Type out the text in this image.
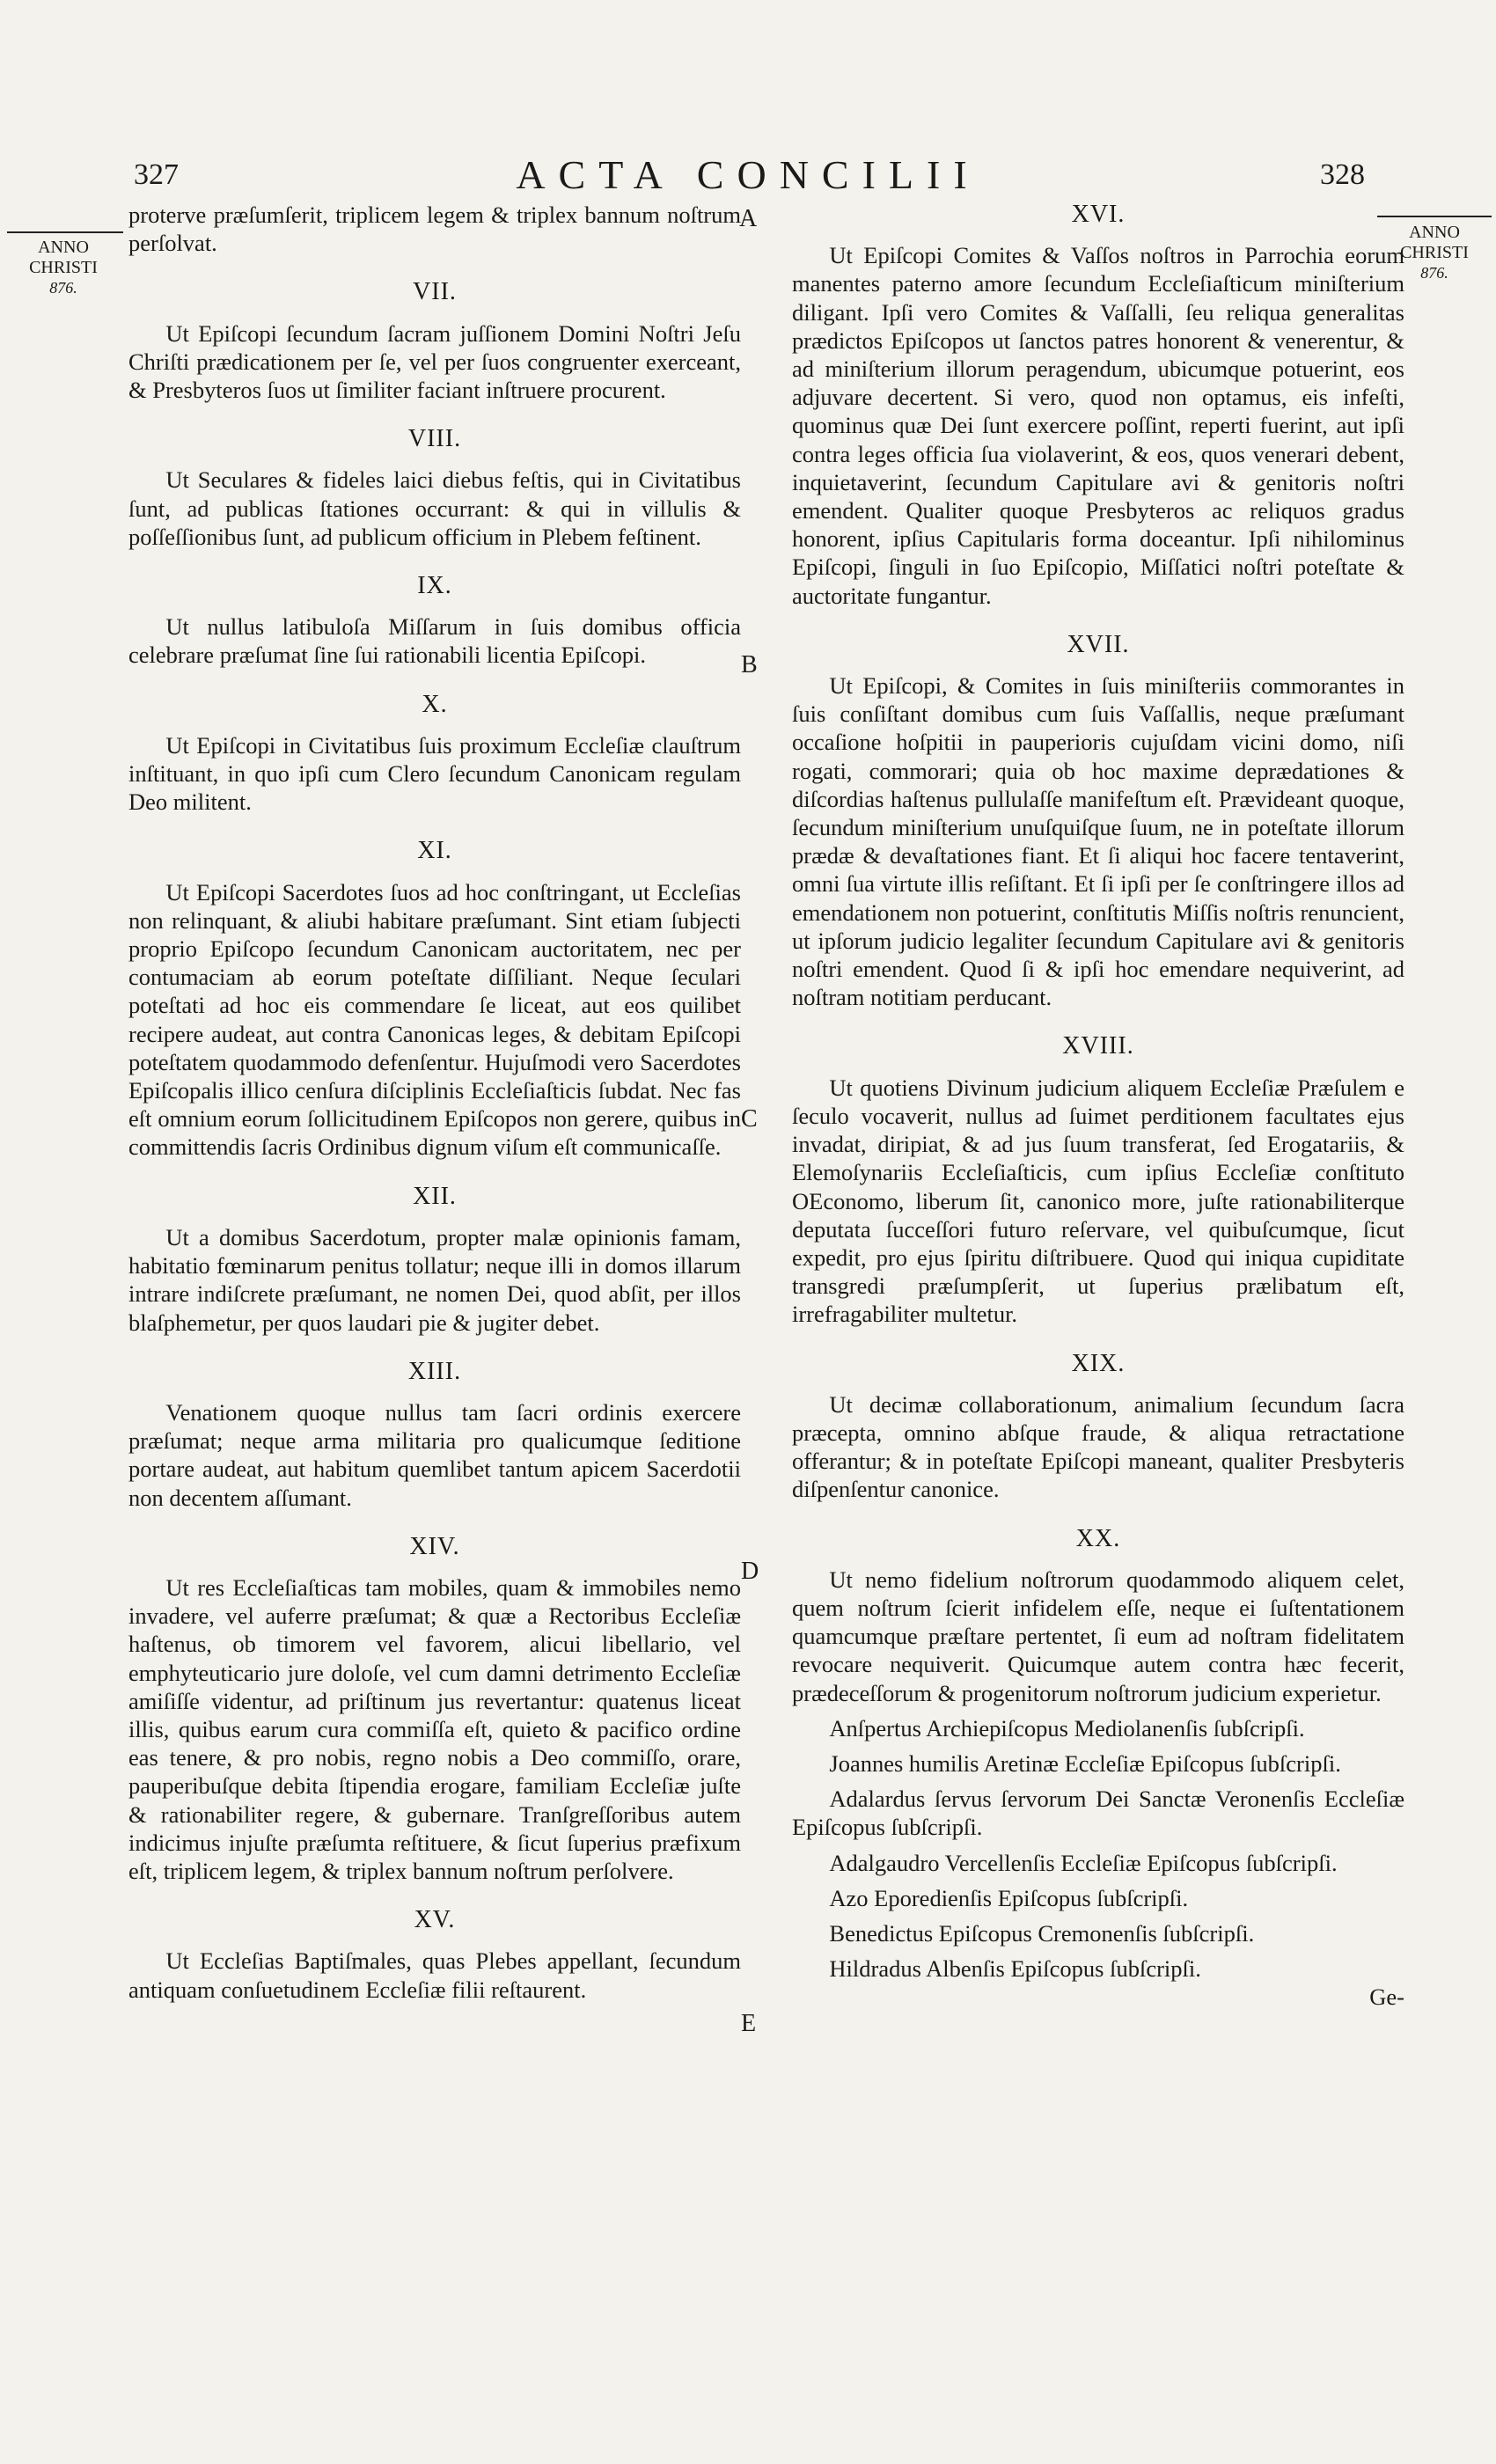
327	ACTA CONCILII	328
ANNO
CHRISTI
876.
ANNO
CHRISTI
876.
A
B
C
D
E

proterve præſumſerit, triplicem legem & triplex bannum noſtrum perſolvat.

VII.

Ut Epiſcopi ſecundum ſacram juſſionem Domini Noſtri Jeſu Chriſti prædicationem per ſe, vel per ſuos congruenter exerceant, & Presbyteros ſuos ut ſimiliter faciant inſtruere procurent.

VIII.

Ut Seculares & fideles laici diebus feſtis, qui in Civitatibus ſunt, ad publicas ſtationes occurrant: & qui in villulis & poſſeſſionibus ſunt, ad publicum officium in Plebem feſtinent.

IX.

Ut nullus latibuloſa Miſſarum in ſuis domibus officia celebrare præſumat ſine ſui rationabili licentia Epiſcopi.

X.

Ut Epiſcopi in Civitatibus ſuis proximum Eccleſiæ clauſtrum inſtituant, in quo ipſi cum Clero ſecundum Canonicam regulam Deo militent.

XI.

Ut Epiſcopi Sacerdotes ſuos ad hoc conſtringant, ut Eccleſias non relinquant, & aliubi habitare præſumant. Sint etiam ſubjecti proprio Epiſcopo ſecundum Canonicam auctoritatem, nec per contumaciam ab eorum poteſtate diſſiliant. Neque ſeculari poteſtati ad hoc eis commendare ſe liceat, aut eos quilibet recipere audeat, aut contra Canonicas leges, & debitam Epiſcopi poteſtatem quodammodo defenſentur. Hujuſmodi vero Sacerdotes Epiſcopalis illico cenſura diſciplinis Eccleſiaſticis ſubdat. Nec fas eſt omnium eorum ſollicitudinem Epiſcopos non gerere, quibus in committendis ſacris Ordinibus dignum viſum eſt communicaſſe.

XII.

Ut a domibus Sacerdotum, propter malæ opinionis famam, habitatio fœminarum penitus tollatur; neque illi in domos illarum intrare indiſcrete præſumant, ne nomen Dei, quod abſit, per illos blaſphemetur, per quos laudari pie & jugiter debet.

XIII.

Venationem quoque nullus tam ſacri ordinis exercere præſumat; neque arma militaria pro qualicumque ſeditione portare audeat, aut habitum quemlibet tantum apicem Sacerdotii non decentem aſſumant.

XIV.

Ut res Eccleſiaſticas tam mobiles, quam & immobiles nemo invadere, vel auferre præſumat; & quæ a Rectoribus Eccleſiæ haſtenus, ob timorem vel favorem, alicui libellario, vel emphyteuticario jure doloſe, vel cum damni detrimento Eccleſiæ amiſiſſe videntur, ad priſtinum jus revertantur: quatenus liceat illis, quibus earum cura commiſſa eſt, quieto & pacifico ordine eas tenere, & pro nobis, regno nobis a Deo commiſſo, orare, pauperibuſque debita ſtipendia erogare, familiam Eccleſiæ juſte & rationabiliter regere, & gubernare. Tranſgreſſoribus autem indicimus injuſte præſumta reſtituere, & ſicut ſuperius præfixum eſt, triplicem legem, & triplex bannum noſtrum perſolvere.

XV.

Ut Eccleſias Baptiſmales, quas Plebes appellant, ſecundum antiquam conſuetudinem Eccleſiæ filii reſtaurent.

XVI.

Ut Epiſcopi Comites & Vaſſos noſtros in Parrochia eorum manentes paterno amore ſecundum Eccleſiaſticum miniſterium diligant. Ipſi vero Comites & Vaſſalli, ſeu reliqua generalitas prædictos Epiſcopos ut ſanctos patres honorent & venerentur, & ad miniſterium illorum peragendum, ubicumque potuerint, eos adjuvare decertent. Si vero, quod non optamus, eis infeſti, quominus quæ Dei ſunt exercere poſſint, reperti fuerint, aut ipſi contra leges officia ſua violaverint, & eos, quos venerari debent, inquietaverint, ſecundum Capitulare avi & genitoris noſtri emendent. Qualiter quoque Presbyteros ac reliquos gradus honorent, ipſius Capitularis forma doceantur. Ipſi nihilominus Epiſcopi, ſinguli in ſuo Epiſcopio, Miſſatici noſtri poteſtate & auctoritate fungantur.

XVII.

Ut Epiſcopi, & Comites in ſuis miniſteriis commorantes in ſuis conſiſtant domibus cum ſuis Vaſſallis, neque præſumant occaſione hoſpitii in pauperioris cujuſdam vicini domo, niſi rogati, commorari; quia ob hoc maxime deprædationes & diſcordias haſtenus pullulaſſe manifeſtum eſt. Prævideant quoque, ſecundum miniſterium unuſquiſque ſuum, ne in poteſtate illorum prædæ & devaſtationes fiant. Et ſi aliqui hoc facere tentaverint, omni ſua virtute illis reſiſtant. Et ſi ipſi per ſe conſtringere illos ad emendationem non potuerint, conſtitutis Miſſis noſtris renuncient, ut ipſorum judicio legaliter ſecundum Capitulare avi & genitoris noſtri emendent. Quod ſi & ipſi hoc emendare nequiverint, ad noſtram notitiam perducant.

XVIII.

Ut quotiens Divinum judicium aliquem Eccleſiæ Præſulem e ſeculo vocaverit, nullus ad ſuimet perditionem facultates ejus invadat, diripiat, & ad jus ſuum transferat, ſed Erogatariis, & Elemoſynariis Eccleſiaſticis, cum ipſius Eccleſiæ conſtituto OEconomo, liberum ſit, canonico more, juſte rationabiliterque deputata ſucceſſori futuro reſervare, vel quibuſcumque, ſicut expedit, pro ejus ſpiritu diſtribuere. Quod qui iniqua cupiditate transgredi præſumpſerit, ut ſuperius prælibatum eſt, irrefragabiliter multetur.

XIX.

Ut decimæ collaborationum, animalium ſecundum ſacra præcepta, omnino abſque fraude, & aliqua retractatione offerantur; & in poteſtate Epiſcopi maneant, qualiter Presbyteris diſpenſentur canonice.

XX.

Ut nemo fidelium noſtrorum quodammodo aliquem celet, quem noſtrum ſcierit infidelem eſſe, neque ei ſuſtentationem quamcumque præſtare pertentet, ſi eum ad noſtram fidelitatem revocare nequiverit. Quicumque autem contra hæc fecerit, prædeceſſorum & progenitorum noſtrorum judicium experietur.

Anſpertus Archiepiſcopus Mediolanenſis ſubſcripſi.

Joannes humilis Aretinæ Eccleſiæ Epiſcopus ſubſcripſi.

Adalardus ſervus ſervorum Dei Sanctæ Veronenſis Eccleſiæ Epiſcopus ſubſcripſi.

Adalgaudro Vercellenſis Eccleſiæ Epiſcopus ſubſcripſi.

Azo Eporedienſis Epiſcopus ſubſcripſi.

Benedictus Epiſcopus Cremonenſis ſubſcripſi.

Hildradus Albenſis Epiſcopus ſubſcripſi.

Ge-
